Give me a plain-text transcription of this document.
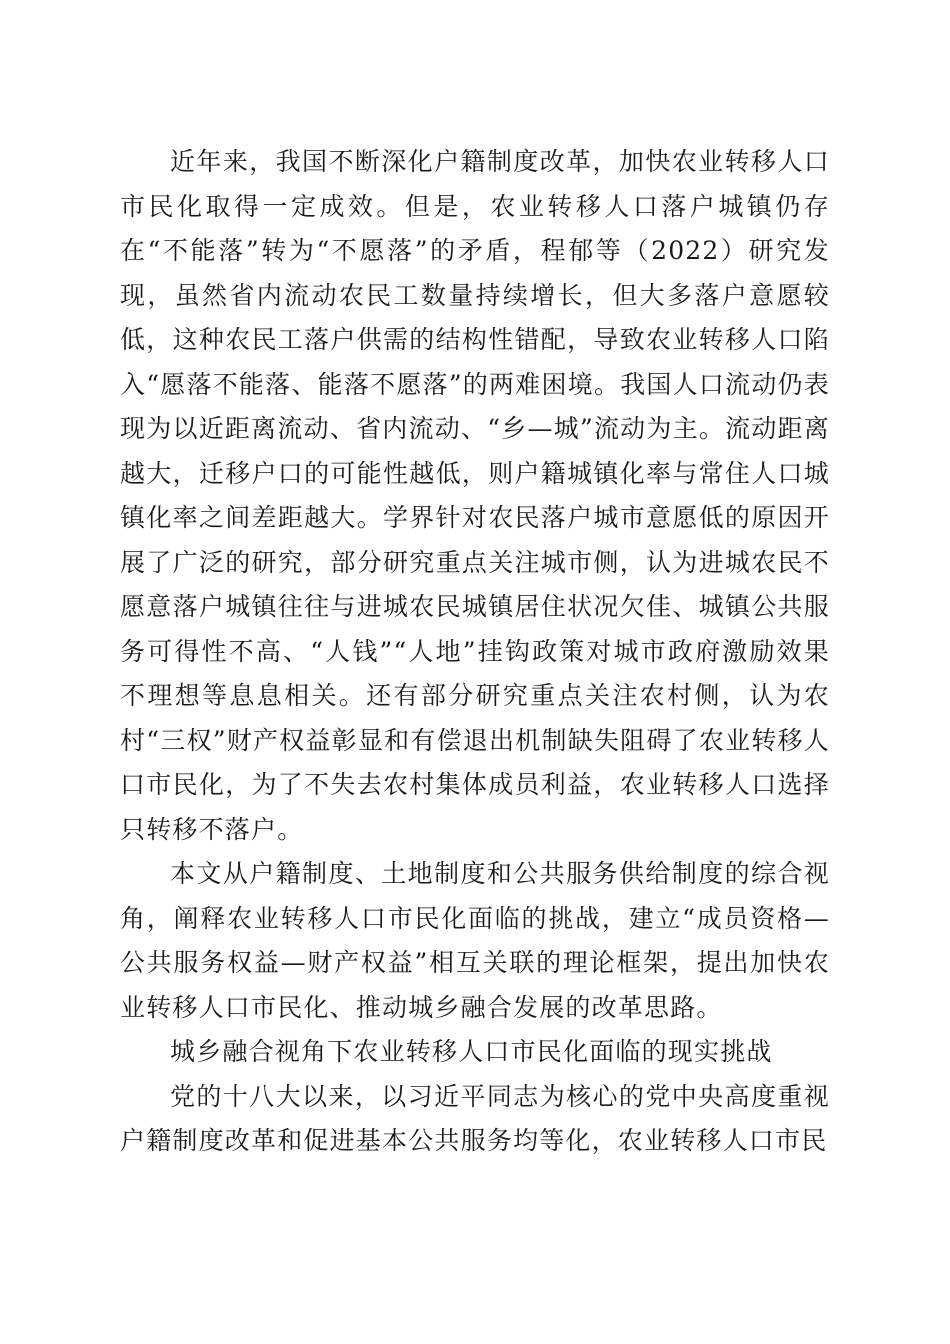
近年来，我国不断深化户籍制度改革，加快农业转移人口市民化取得一定成效。但是，农业转移人口落户城镇仍存在“不能落”转为“不愿落”的矛盾，程郁等（2022）研究发现，虽然省内流动农民工数量持续增长，但大多落户意愿较低，这种农民工落户供需的结构性错配，导致农业转移人口陷入“愿落不能落、能落不愿落”的两难困境。我国人口流动仍表现为以近距离流动、省内流动、“乡—城”流动为主。流动距离越大，迁移户口的可能性越低，则户籍城镇化率与常住人口城镇化率之间差距越大。学界针对农民落户城市意愿低的原因开展了广泛的研究，部分研究重点关注城市侧，认为进城农民不愿意落户城镇往往与进城农民城镇居住状况欠佳、城镇公共服务可得性不高、“人钱”“人地”挂钩政策对城市政府激励效果不理想等息息相关。还有部分研究重点关注农村侧，认为农村“三权”财产权益彰显和有偿退出机制缺失阻碍了农业转移人口市民化，为了不失去农村集体成员利益，农业转移人口选择只转移不落户。

本文从户籍制度、土地制度和公共服务供给制度的综合视角，阐释农业转移人口市民化面临的挑战，建立“成员资格—公共服务权益—财产权益”相互关联的理论框架，提出加快农业转移人口市民化、推动城乡融合发展的改革思路。

城乡融合视角下农业转移人口市民化面临的现实挑战

党的十八大以来，以习近平同志为核心的党中央高度重视户籍制度改革和促进基本公共服务均等化，农业转移人口市民
